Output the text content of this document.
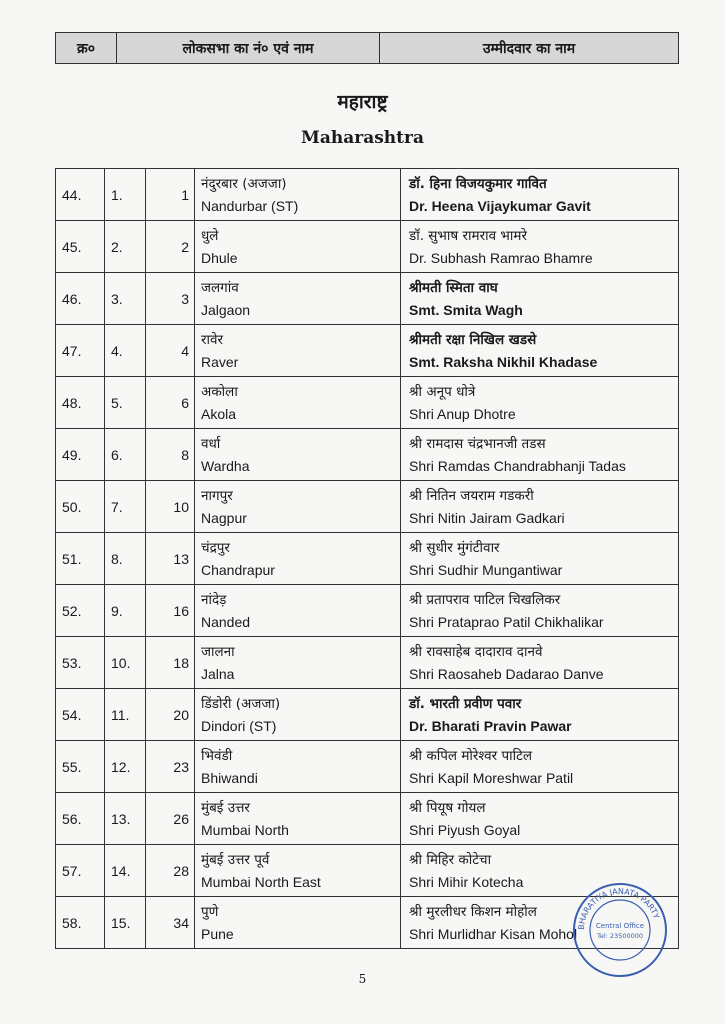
क्र०	लोकसभा का नं० एवं नाम	उम्मीदवार का नाम
महाराष्ट्र
Maharashtra
44.	1.	1	नंदुरबार (अजजा)
Nandurbar (ST)	डॉ. हिना विजयकुमार गावित
Dr. Heena Vijaykumar Gavit

45.	2.	2	धुले
Dhule	डॉ. सुभाष रामराव भामरे
Dr. Subhash Ramrao Bhamre

46.	3.	3	जलगांव
Jalgaon	श्रीमती स्मिता वाघ
Smt. Smita Wagh

47.	4.	4	रावेर
Raver	श्रीमती रक्षा निखिल खडसे
Smt. Raksha Nikhil Khadase

48.	5.	6	अकोला
Akola	श्री अनूप धोत्रे
Shri Anup Dhotre

49.	6.	8	वर्धा
Wardha	श्री रामदास चंद्रभानजी तडस
Shri Ramdas Chandrabhanji Tadas

50.	7.	10	नागपुर
Nagpur	श्री नितिन जयराम गडकरी
Shri Nitin Jairam Gadkari

51.	8.	13	चंद्रपुर
Chandrapur	श्री सुधीर मुंगंटीवार
Shri Sudhir Mungantiwar

52.	9.	16	नांदेड़
Nanded	श्री प्रतापराव पाटिल चिखलिकर
Shri Prataprao Patil Chikhalikar

53.	10.	18	जालना
Jalna	श्री रावसाहेब दादाराव दानवे
Shri Raosaheb Dadarao Danve

54.	11.	20	डिंडोरी (अजजा)
Dindori (ST)	डॉ. भारती प्रवीण पवार
Dr. Bharati Pravin Pawar

55.	12.	23	भिवंडी
Bhiwandi	श्री कपिल मोरेश्वर पाटिल
Shri Kapil Moreshwar Patil

56.	13.	26	मुंबई उत्तर
Mumbai North	श्री पियूष गोयल
Shri Piyush Goyal

57.	14.	28	मुंबई उत्तर पूर्व
Mumbai North East	श्री मिहिर कोटेचा
Shri Mihir Kotecha

58.	15.	34	पुणे
Pune	श्री मुरलीधर किशन मोहोल
Shri Murlidhar Kisan Mohol BHARATIYA JANATA PARTY
Central Office
Tel: 23500000
5
